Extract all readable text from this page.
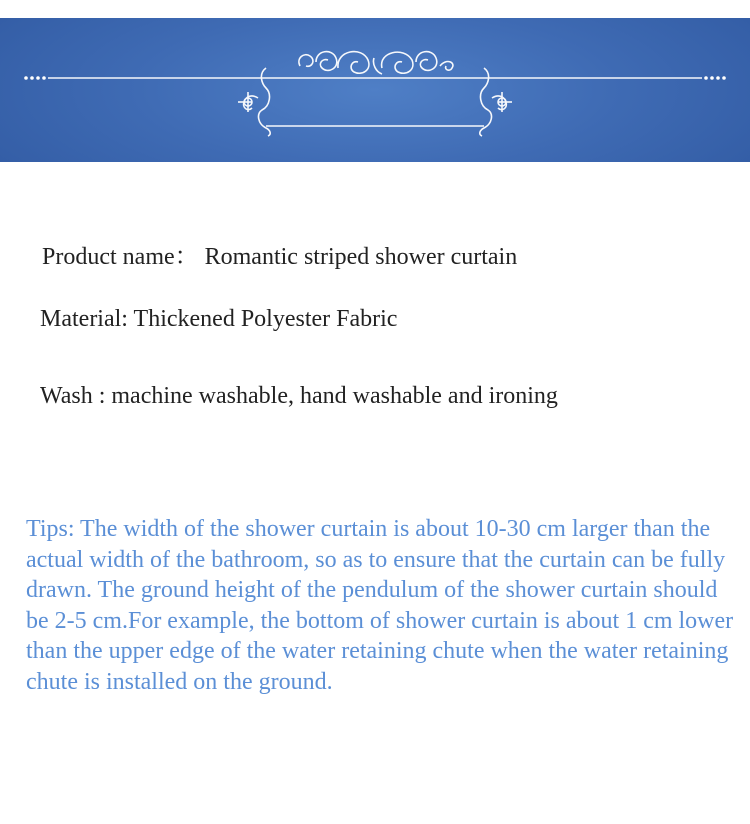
Product name： Romantic striped shower curtain

Material: Thickened Polyester Fabric

Wash : machine washable, hand washable and ironing

Tips: The width of the shower curtain is about 10-30 cm larger than the actual width of the bathroom, so as to ensure that the curtain can be fully drawn. The ground height of the pendulum of the shower curtain should be 2-5 cm.For example, the bottom of shower curtain is about 1 cm lower than the upper edge of the water retaining chute when the water retaining chute is installed on the ground.
